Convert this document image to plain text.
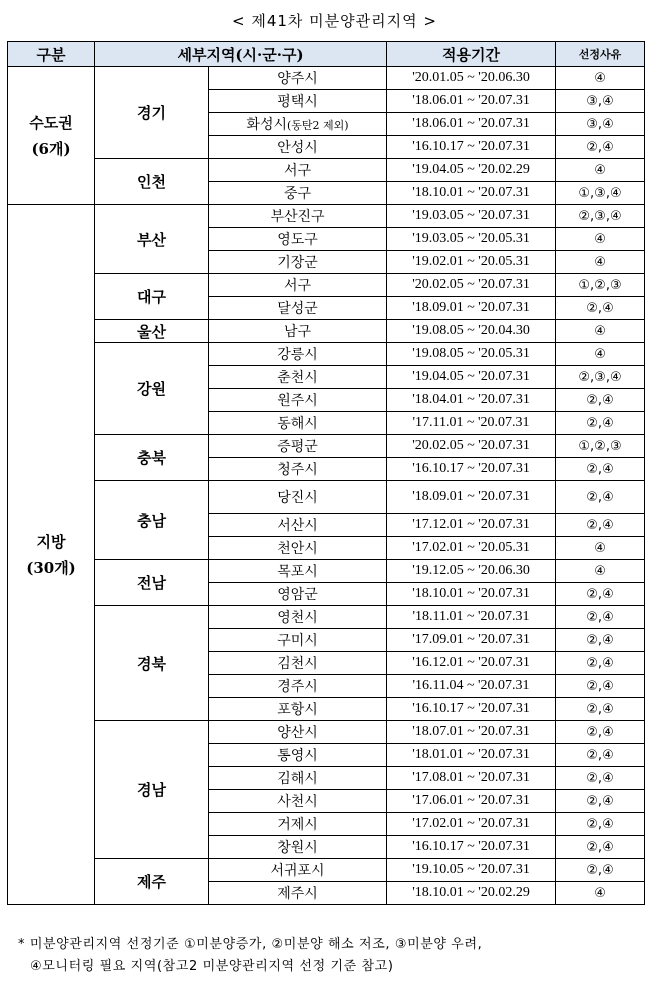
< 제41차 미분양관리지역 >
구분	세부지역(시·군·구)		적용기간	선정사유

수도권
(6개)	경기	양주시	'20.01.05 ~ '20.06.30	④
		평택시	'18.06.01 ~ '20.07.31	③,④
		화성시(동탄2 제외)	'18.06.01 ~ '20.07.31	③,④
		안성시	'16.10.17 ~ '20.07.31	②,④
	인천	서구	'19.04.05 ~ '20.02.29	④
		중구	'18.10.01 ~ '20.07.31	①,③,④

지방
(30개)	부산	부산진구	'19.03.05 ~ '20.07.31	②,③,④
		영도구	'19.03.05 ~ '20.05.31	④
		기장군	'19.02.01 ~ '20.05.31	④
	대구	서구	'20.02.05 ~ '20.07.31	①,②,③
		달성군	'18.09.01 ~ '20.07.31	②,④
	울산	남구	'19.08.05 ~ '20.04.30	④
	강원	강릉시	'19.08.05 ~ '20.05.31	④
		춘천시	'19.04.05 ~ '20.07.31	②,③,④
		원주시	'18.04.01 ~ '20.07.31	②,④
		동해시	'17.11.01 ~ '20.07.31	②,④
	충북	증평군	'20.02.05 ~ '20.07.31	①,②,③
		청주시	'16.10.17 ~ '20.07.31	②,④
	충남	당진시	'18.09.01 ~ '20.07.31	②,④
		서산시	'17.12.01 ~ '20.07.31	②,④
		천안시	'17.02.01 ~ '20.05.31	④
	전남	목포시	'19.12.05 ~ '20.06.30	④
		영암군	'18.10.01 ~ '20.07.31	②,④
	경북	영천시	'18.11.01 ~ '20.07.31	②,④
		구미시	'17.09.01 ~ '20.07.31	②,④
		김천시	'16.12.01 ~ '20.07.31	②,④
		경주시	'16.11.04 ~ '20.07.31	②,④
		포항시	'16.10.17 ~ '20.07.31	②,④
	경남	양산시	'18.07.01 ~ '20.07.31	②,④
		통영시	'18.01.01 ~ '20.07.31	②,④
		김해시	'17.08.01 ~ '20.07.31	②,④
		사천시	'17.06.01 ~ '20.07.31	②,④
		거제시	'17.02.01 ~ '20.07.31	②,④
		창원시	'16.10.17 ~ '20.07.31	②,④
	제주	서귀포시	'19.10.05 ~ '20.07.31	②,④
		제주시	'18.10.01 ~ '20.02.29	④
* 미분양관리지역 선정기준 ①미분양증가, ②미분양 해소 저조, ③미분양 우려,
④모니터링 필요 지역(참고2 미분양관리지역 선정 기준 참고)
